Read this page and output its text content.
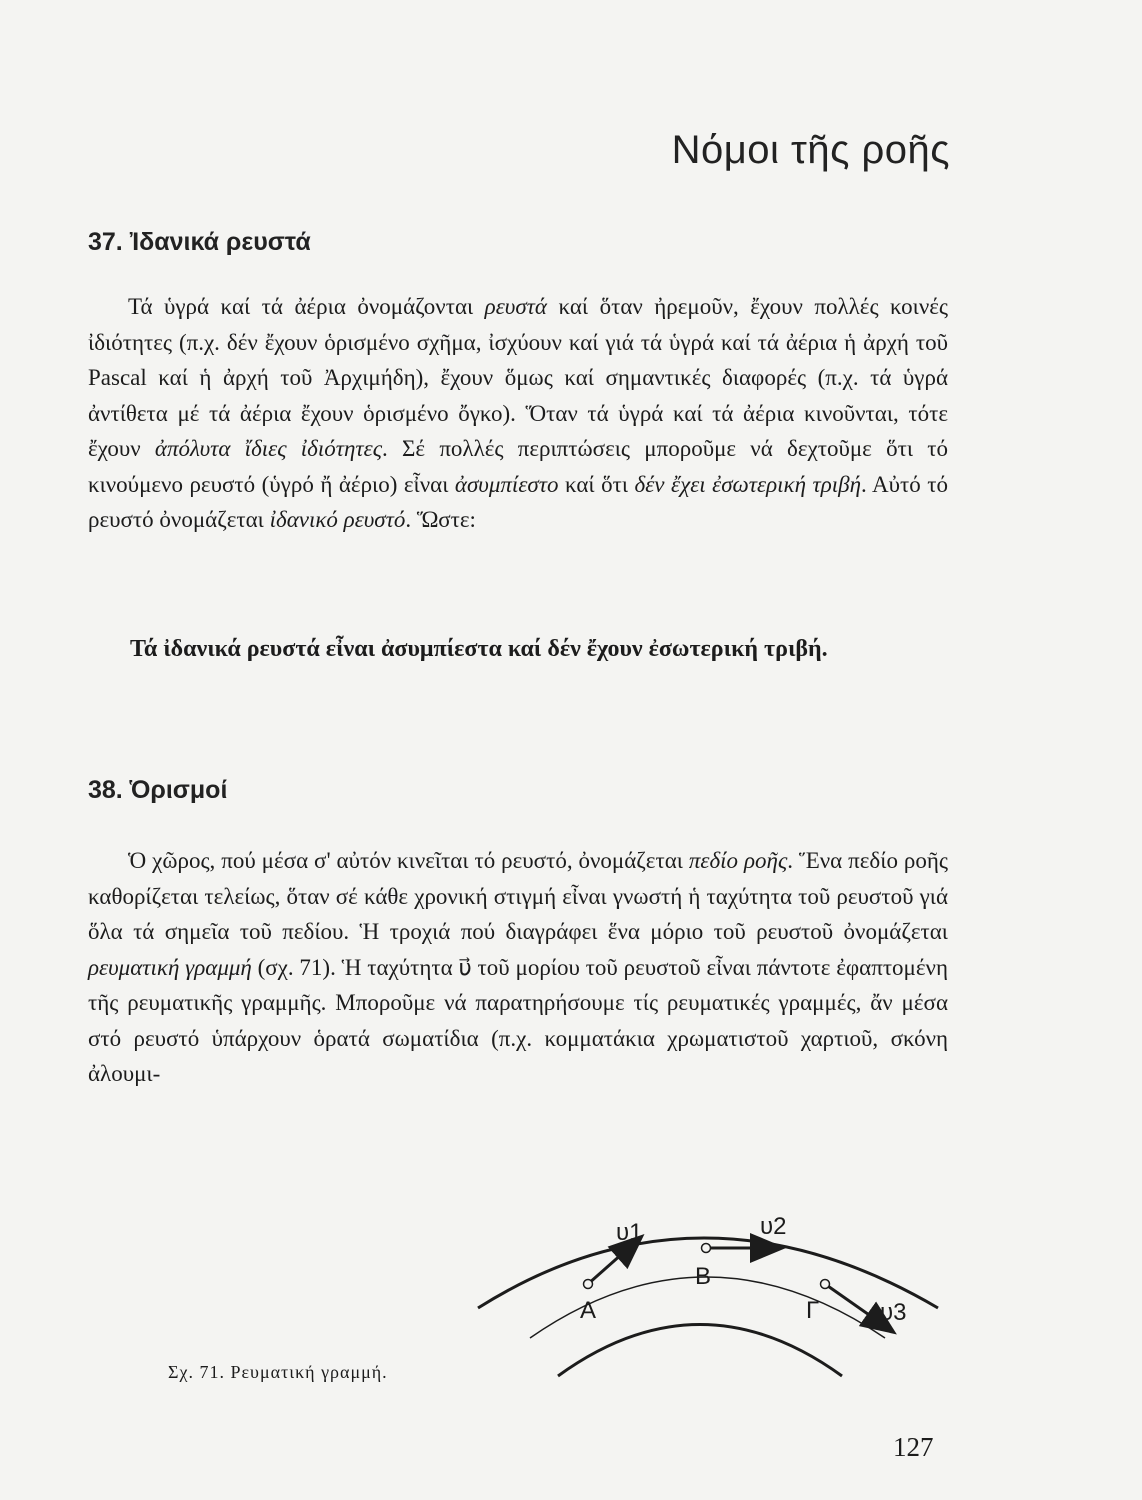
Νόμοι τῆς ροῆς
37. Ἰδανικά ρευστά

Τά ὑγρά καί τά ἀέρια ὀνομάζονται ρευστά καί ὅταν ἠρεμοῦν, ἔχουν πολλές κοινές ἰδιότητες (π.χ. δέν ἔχουν ὁρισμένο σχῆμα, ἰσχύουν καί γιά τά ὑγρά καί τά ἀέρια ἡ ἀρχή τοῦ Pascal καί ἡ ἀρχή τοῦ Ἀρχιμήδη), ἔχουν ὅμως καί σημαντικές διαφορές (π.χ. τά ὑγρά ἀντίθετα μέ τά ἀέρια ἔχουν ὁρισμένο ὄγκο). Ὅταν τά ὑγρά καί τά ἀέρια κινοῦνται, τότε ἔχουν ἀπόλυτα ἴδιες ἰδιότητες. Σέ πολλές περιπτώσεις μποροῦμε νά δεχτοῦμε ὅτι τό κινούμενο ρευστό (ὑγρό ἤ ἀέριο) εἶναι ἀσυμπίεστο καί ὅτι δέν ἔχει ἐσωτερική τριβή. Αὐτό τό ρευστό ὀνομάζεται ἰδανικό ρευστό. Ὥστε:

Τά ἰδανικά ρευστά εἶναι ἀσυμπίεστα καί δέν ἔχουν ἐσωτερική τριβή.
38. Ὁρισμοί

Ὁ χῶρος, πού μέσα σ' αὐτόν κινεῖται τό ρευστό, ὀνομάζεται πεδίο ροῆς. Ἕνα πεδίο ροῆς καθορίζεται τελείως, ὅταν σέ κάθε χρονική στιγμή εἶναι γνωστή ἡ ταχύτητα τοῦ ρευστοῦ γιά ὅλα τά σημεῖα τοῦ πεδίου. Ἡ τροχιά πού διαγράφει ἕνα μόριο τοῦ ρευστοῦ ὀνομάζεται ρευματική γραμμή (σχ. 71). Ἡ ταχύτητα υ⃗ τοῦ μορίου τοῦ ρευστοῦ εἶναι πάντοτε ἐφαπτομένη τῆς ρευματικῆς γραμμῆς. Μποροῦμε νά παρατηρήσουμε τίς ρευματικές γραμμές, ἄν μέσα στό ρευστό ὑπάρχουν ὁρατά σωματίδια (π.χ. κομματάκια χρωματιστοῦ χαρτιοῦ, σκόνη ἀλουμι-

A
B
Γ
υ1	υ2
υ3
Σχ. 71. Ρευματική γραμμή.
127
